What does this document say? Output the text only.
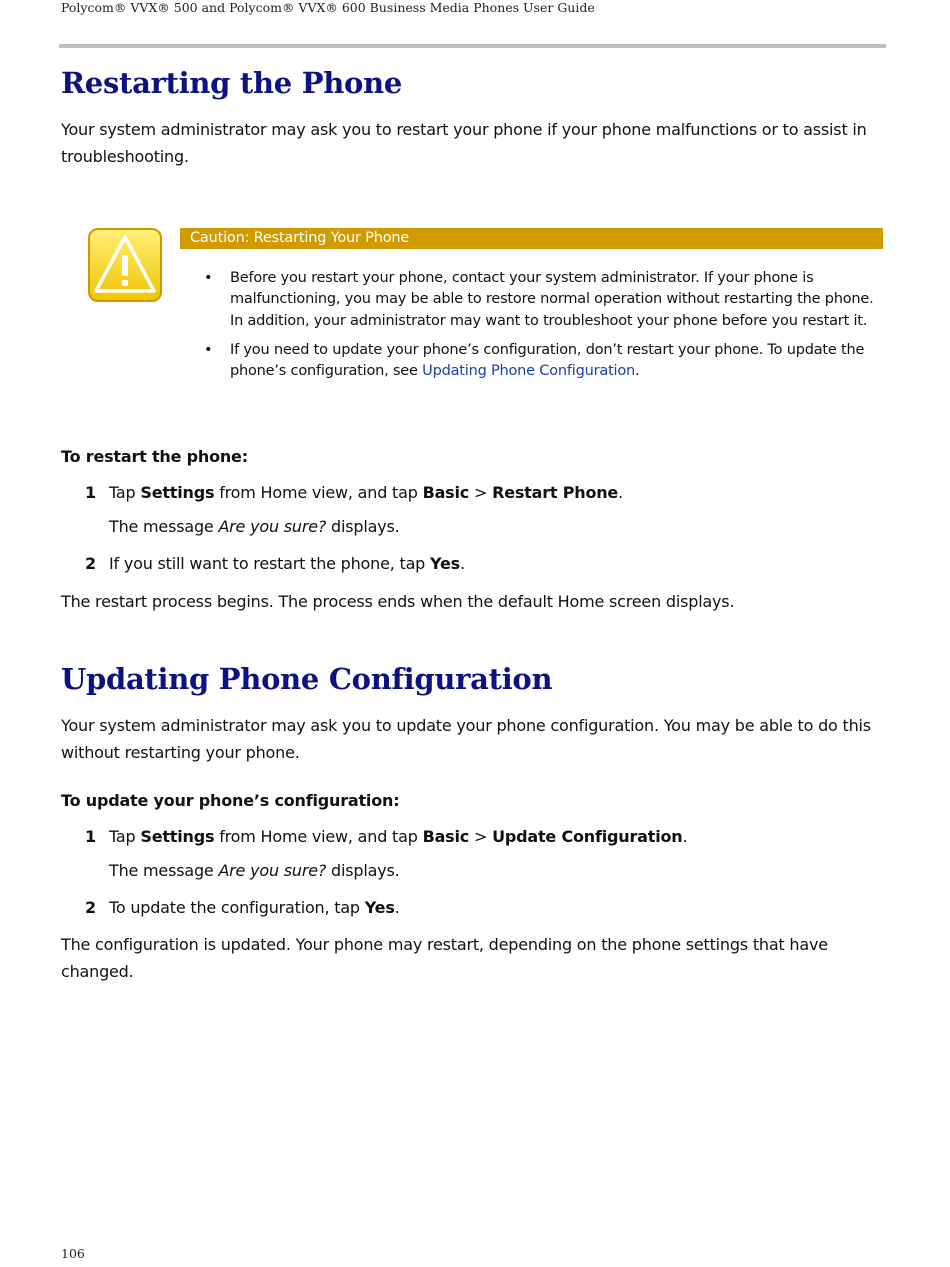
Polycom® VVX® 500 and Polycom® VVX® 600 Business Media Phones User Guide
Restarting the Phone

Your system administrator may ask you to restart your phone if your phone malfunctions or to assist in troubleshooting.

Caution: Restarting Your Phone
• Before you restart your phone, contact your system administrator. If your phone is malfunctioning, you may be able to restore normal operation without restarting the phone. In addition, your administrator may want to troubleshoot your phone before you restart it.
• If you need to update your phone’s configuration, don’t restart your phone. To update the phone’s configuration, see Updating Phone Configuration.

To restart the phone:

1 Tap Settings from Home view, and tap Basic > Restart Phone.
The message Are you sure? displays.
2 If you still want to restart the phone, tap Yes.

The restart process begins. The process ends when the default Home screen displays.

Updating Phone Configuration

Your system administrator may ask you to update your phone configuration. You may be able to do this without restarting your phone.

To update your phone’s configuration:

1 Tap Settings from Home view, and tap Basic > Update Configuration.
The message Are you sure? displays.
2 To update the configuration, tap Yes.

The configuration is updated. Your phone may restart, depending on the phone settings that have changed.

106
